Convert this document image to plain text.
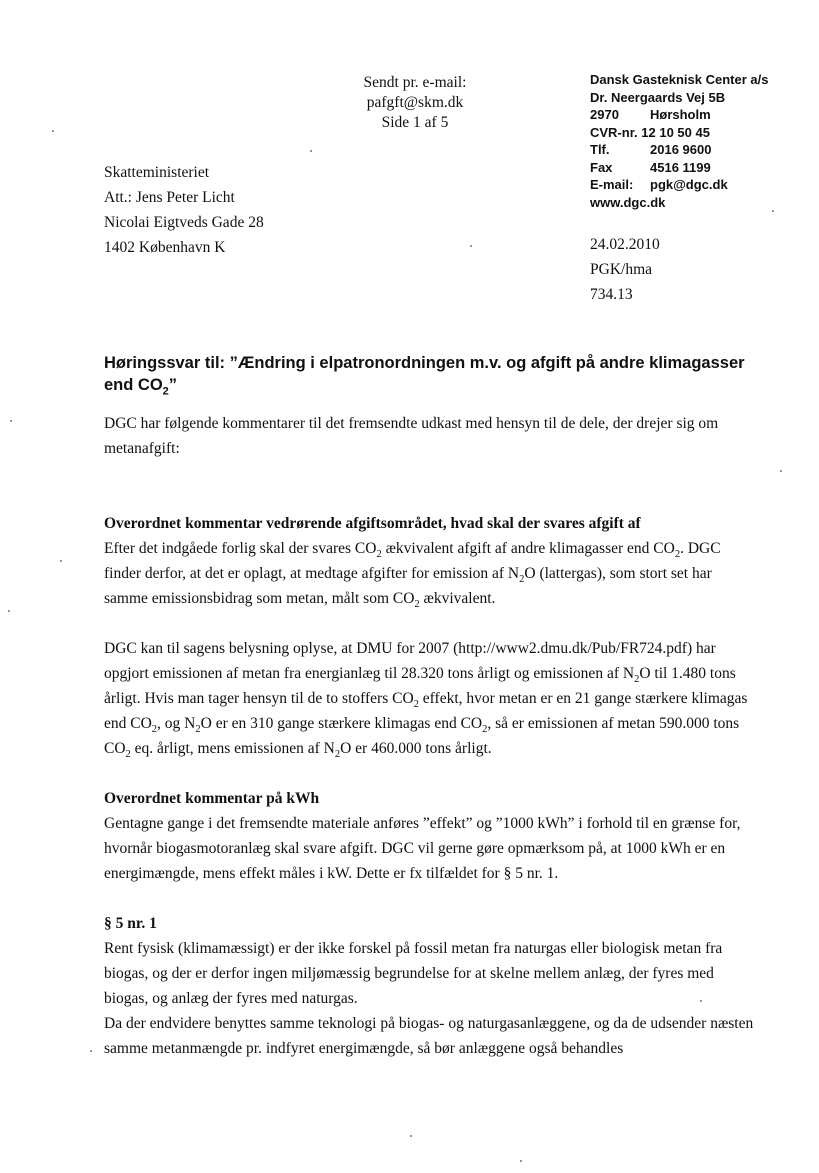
Sendt pr. e-mail:
pafgft@skm.dk
Side 1 af 5
Dansk Gasteknisk Center a/s
Dr. Neergaards Vej 5B
2970	Hørsholm
CVR-nr. 12 10 50 45
Tlf.	2016 9600
Fax	4516 1199
E-mail:	pgk@dgc.dk
www.dgc.dk
Skatteministeriet
Att.: Jens Peter Licht
Nicolai Eigtveds Gade 28
1402 København K	24.02.2010
PGK/hma
734.13
Høringssvar til: ”Ændring i elpatronordningen m.v. og afgift på andre klimagasser end $CO_2$”

DGC har følgende kommentarer til det fremsendte udkast med hensyn til de dele, der drejer sig om metanafgift:

Overordnet kommentar vedrørende afgiftsområdet, hvad skal der svares afgift af

Efter det indgåede forlig skal der svares $CO_2$ ækvivalent afgift af andre klimagasser end $CO_2$. DGC finder derfor, at det er oplagt, at medtage afgifter for emission af $N_2O$ (lattergas), som stort set har samme emissionsbidrag som metan, målt som $CO_2$ ækvivalent.

DGC kan til sagens belysning oplyse, at DMU for 2007 (http://www2.dmu.dk/Pub/FR724.pdf) har opgjort emissionen af metan fra energianlæg til 28.320 tons årligt og emissionen af $N_2O$ til 1.480 tons årligt. Hvis man tager hensyn til de to stoffers $CO_2$ effekt, hvor metan er en 21 gange stærkere klimagas end $CO_2$, og $N_2O$ er en 310 gange stærkere klimagas end $CO_2$, så er emissionen af metan 590.000 tons $CO_2$ eq. årligt, mens emissionen af $N_2O$ er 460.000 tons årligt.

Overordnet kommentar på kWh

Gentagne gange i det fremsendte materiale anføres ”effekt” og ”1000 kWh” i forhold til en grænse for, hvornår biogasmotoranlæg skal svare afgift. DGC vil gerne gøre opmærksom på, at 1000 kWh er en energimængde, mens effekt måles i kW. Dette er fx tilfældet for § 5 nr. 1.

§ 5 nr. 1

Rent fysisk (klimamæssigt) er der ikke forskel på fossil metan fra naturgas eller biologisk metan fra biogas, og der er derfor ingen miljømæssig begrundelse for at skelne mellem anlæg, der fyres med biogas, og anlæg der fyres med naturgas.

Da der endvidere benyttes samme teknologi på biogas- og naturgasanlæggene, og da de udsender næsten samme metanmængde pr. indfyret energimængde, så bør anlæggene også behandles
